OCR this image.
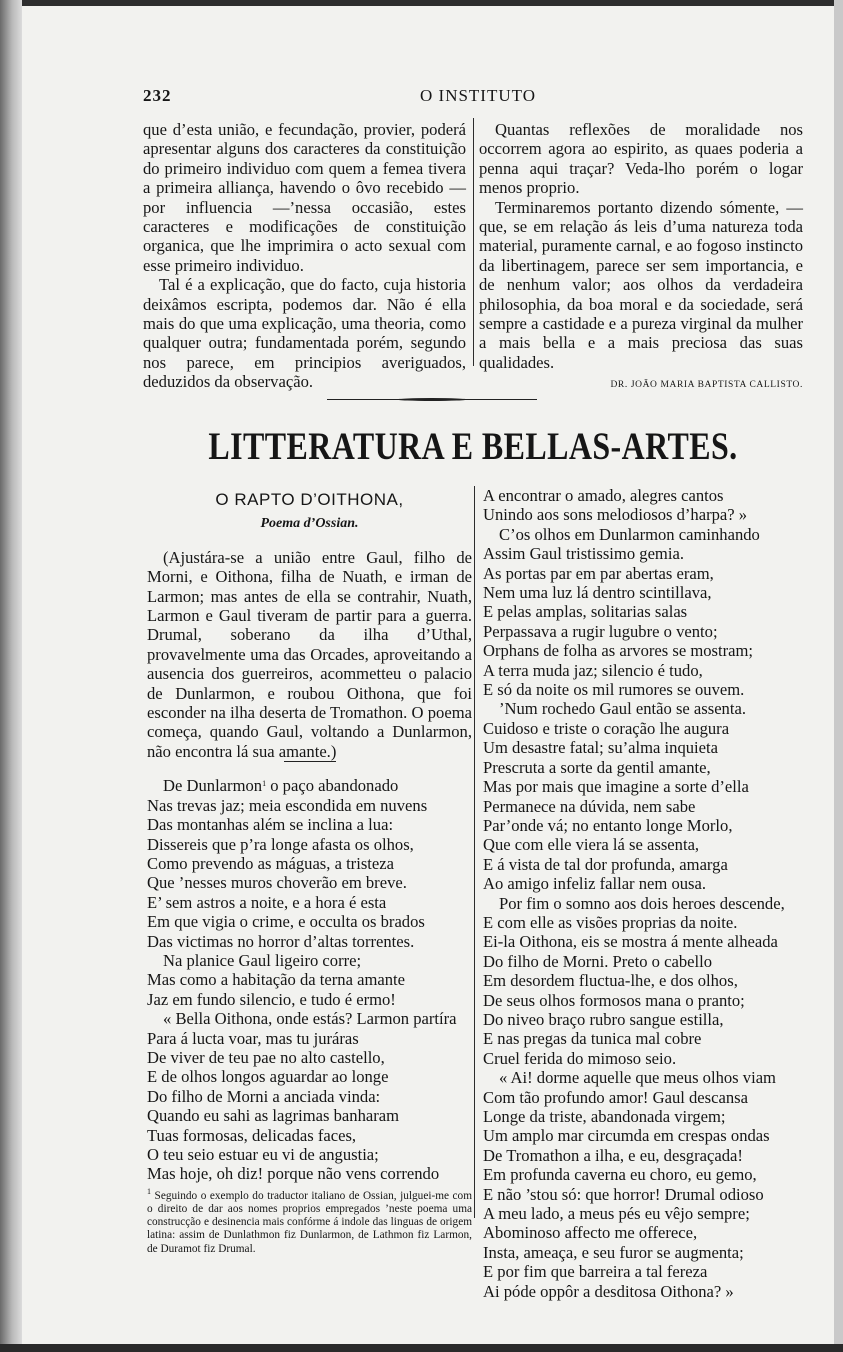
232	O INSTITUTO

que d’esta união, e fecundação, provier, poderá apresentar alguns dos caracteres da constituição do primeiro individuo com quem a femea tivera a primeira alliança, havendo o ôvo recebido — por influencia —’nessa occasião, estes caracteres e modificações de constituição organica, que lhe imprimira o acto sexual com esse primeiro individuo.

Tal é a explicação, que do facto, cuja historia deixâmos escripta, podemos dar. Não é ella mais do que uma explicação, uma theoria, como qualquer outra; fundamentada porém, segundo nos parece, em principios averiguados, deduzidos da observação.

Quantas reflexões de moralidade nos occorrem agora ao espirito, as quaes poderia a penna aqui traçar? Veda-lho porém o logar menos proprio.

Terminaremos portanto dizendo sómente, — que, se em relação ás leis d’uma natureza toda material, puramente carnal, e ao fogoso instincto da libertinagem, parece ser sem importancia, e de nenhum valor; aos olhos da verdadeira philosophia, da boa moral e da sociedade, será sempre a castidade e a pureza virginal da mulher a mais bella e a mais preciosa das suas qualidades.

DR. JOÃO MARIA BAPTISTA CALLISTO.
LITTERATURA E BELLAS-ARTES.
O RAPTO D’OITHONA,
Poema d’Ossian.

(Ajustára-se a união entre Gaul, filho de Morni, e Oithona, filha de Nuath, e irman de Larmon; mas antes de ella se contrahir, Nuath, Larmon e Gaul tiveram de partir para a guerra. Drumal, soberano da ilha d’Uthal, provavelmente uma das Orcades, aproveitando a ausencia dos guerreiros, acommetteu o palacio de Dunlarmon, e roubou Oithona, que foi esconder na ilha deserta de Tromathon. O poema começa, quando Gaul, voltando a Dunlarmon, não encontra lá sua amante.)

De Dunlarmon$^1$ o paço abandonado
Nas trevas jaz; meia escondida em nuvens
Das montanhas além se inclina a lua:
Dissereis que p’ra longe afasta os olhos,
Como prevendo as máguas, a tristeza
Que ’nesses muros choverão em breve.
E’ sem astros a noite, e a hora é esta
Em que vigia o crime, e occulta os brados
Das victimas no horror d’altas torrentes.
Na planice Gaul ligeiro corre;
Mas como a habitação da terna amante
Jaz em fundo silencio, e tudo é ermo!
« Bella Oithona, onde estás? Larmon partíra
Para á lucta voar, mas tu juráras
De viver de teu pae no alto castello,
E de olhos longos aguardar ao longe
Do filho de Morni a anciada vinda:
Quando eu sahi as lagrimas banharam
Tuas formosas, delicadas faces,
O teu seio estuar eu vi de angustia;
Mas hoje, oh diz! porque não vens correndo
$^1$ Seguindo o exemplo do traductor italiano de Ossian, julguei-me com o direito de dar aos nomes proprios empregados ’neste poema uma construcção e desinencia mais confórme á indole das linguas de origem latina: assim de Dunlathmon fiz Dunlarmon, de Lathmon fiz Larmon, de Duramot fiz Drumal.
A encontrar o amado, alegres cantos
Unindo aos sons melodiosos d’harpa? »
C’os olhos em Dunlarmon caminhando
Assim Gaul tristissimo gemia.
As portas par em par abertas eram,
Nem uma luz lá dentro scintillava,
E pelas amplas, solitarias salas
Perpassava a rugir lugubre o vento;
Orphans de folha as arvores se mostram;
A terra muda jaz; silencio é tudo,
E só da noite os mil rumores se ouvem.
’Num rochedo Gaul então se assenta.
Cuidoso e triste o coração lhe augura
Um desastre fatal; su’alma inquieta
Prescruta a sorte da gentil amante,
Mas por mais que imagine a sorte d’ella
Permanece na dúvida, nem sabe
Par’onde vá; no entanto longe Morlo,
Que com elle viera lá se assenta,
E á vista de tal dor profunda, amarga
Ao amigo infeliz fallar nem ousa.
Por fim o somno aos dois heroes descende,
E com elle as visões proprias da noite.
Ei-la Oithona, eis se mostra á mente alheada
Do filho de Morni. Preto o cabello
Em desordem fluctua-lhe, e dos olhos,
De seus olhos formosos mana o pranto;
Do niveo braço rubro sangue estilla,
E nas pregas da tunica mal cobre
Cruel ferida do mimoso seio.
« Ai! dorme aquelle que meus olhos viam
Com tão profundo amor! Gaul descansa
Longe da triste, abandonada virgem;
Um amplo mar circumda em crespas ondas
De Tromathon a ilha, e eu, desgraçada!
Em profunda caverna eu choro, eu gemo,
E não ’stou só: que horror! Drumal odioso
A meu lado, a meus pés eu vêjo sempre;
Abominoso affecto me offerece,
Insta, ameaça, e seu furor se augmenta;
E por fim que barreira a tal fereza
Ai póde oppôr a desditosa Oithona? »
